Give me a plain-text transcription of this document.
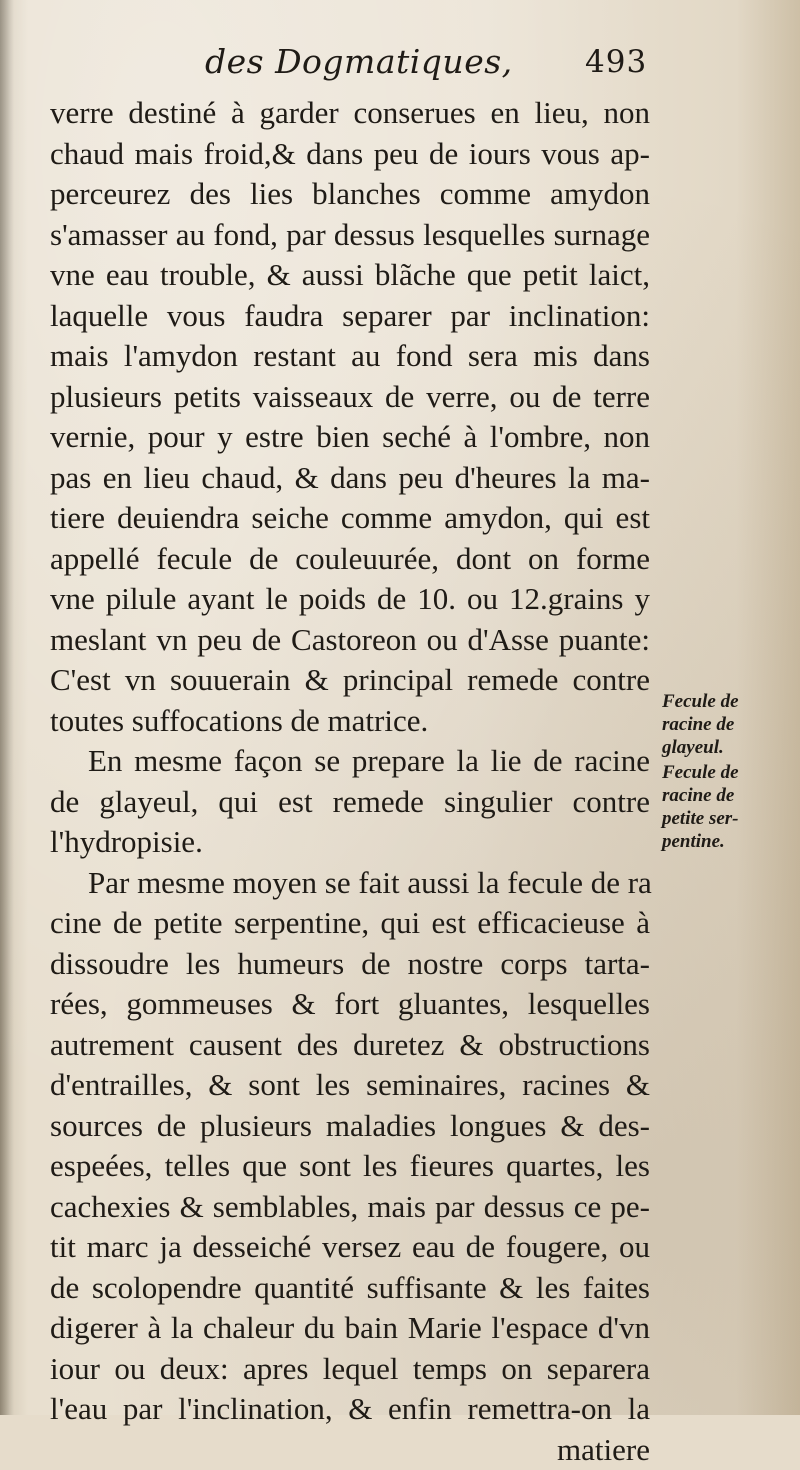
des Dogmatiques, 493
verre destiné à garder conserues en lieu, non
chaud mais froid,& dans peu de iours vous ap-
perceurez des lies blanches comme amydon
s'amasser au fond, par dessus lesquelles surnage
vne eau trouble, & aussi blãche que petit laict,
laquelle vous faudra separer par inclination:
mais l'amydon restant au fond sera mis dans
plusieurs petits vaisseaux de verre, ou de terre
vernie, pour y estre bien seché à l'ombre, non
pas en lieu chaud, & dans peu d'heures la ma-
tiere deuiendra seiche comme amydon, qui est
appellé fecule de couleuurée, dont on forme
vne pilule ayant le poids de 10. ou 12.grains y
meslant vn peu de Castoreon ou d'Asse puante:
C'est vn souuerain & principal remede contre
toutes suffocations de matrice.
En mesme façon se prepare la lie de racine
de glayeul, qui est remede singulier contre
l'hydropisie.
Par mesme moyen se fait aussi la fecule de ra
cine de petite serpentine, qui est efficacieuse à
dissoudre les humeurs de nostre corps tarta-
rées, gommeuses & fort gluantes, lesquelles
autrement causent des duretez & obstructions
d'entrailles, & sont les seminaires, racines &
sources de plusieurs maladies longues & des-
espeées, telles que sont les fieures quartes, les
cachexies & semblables, mais par dessus ce pe-
tit marc ja desseiché versez eau de fougere, ou
de scolopendre quantité suffisante & les faites
digerer à la chaleur du bain Marie l'espace d'vn
iour ou deux: apres lequel temps on separera
l'eau par l'inclination, & enfin remettra-on la
matiere
Fecule de
racine de
glayeul.
Fecule de
racine de
petite ser-
pentine.
